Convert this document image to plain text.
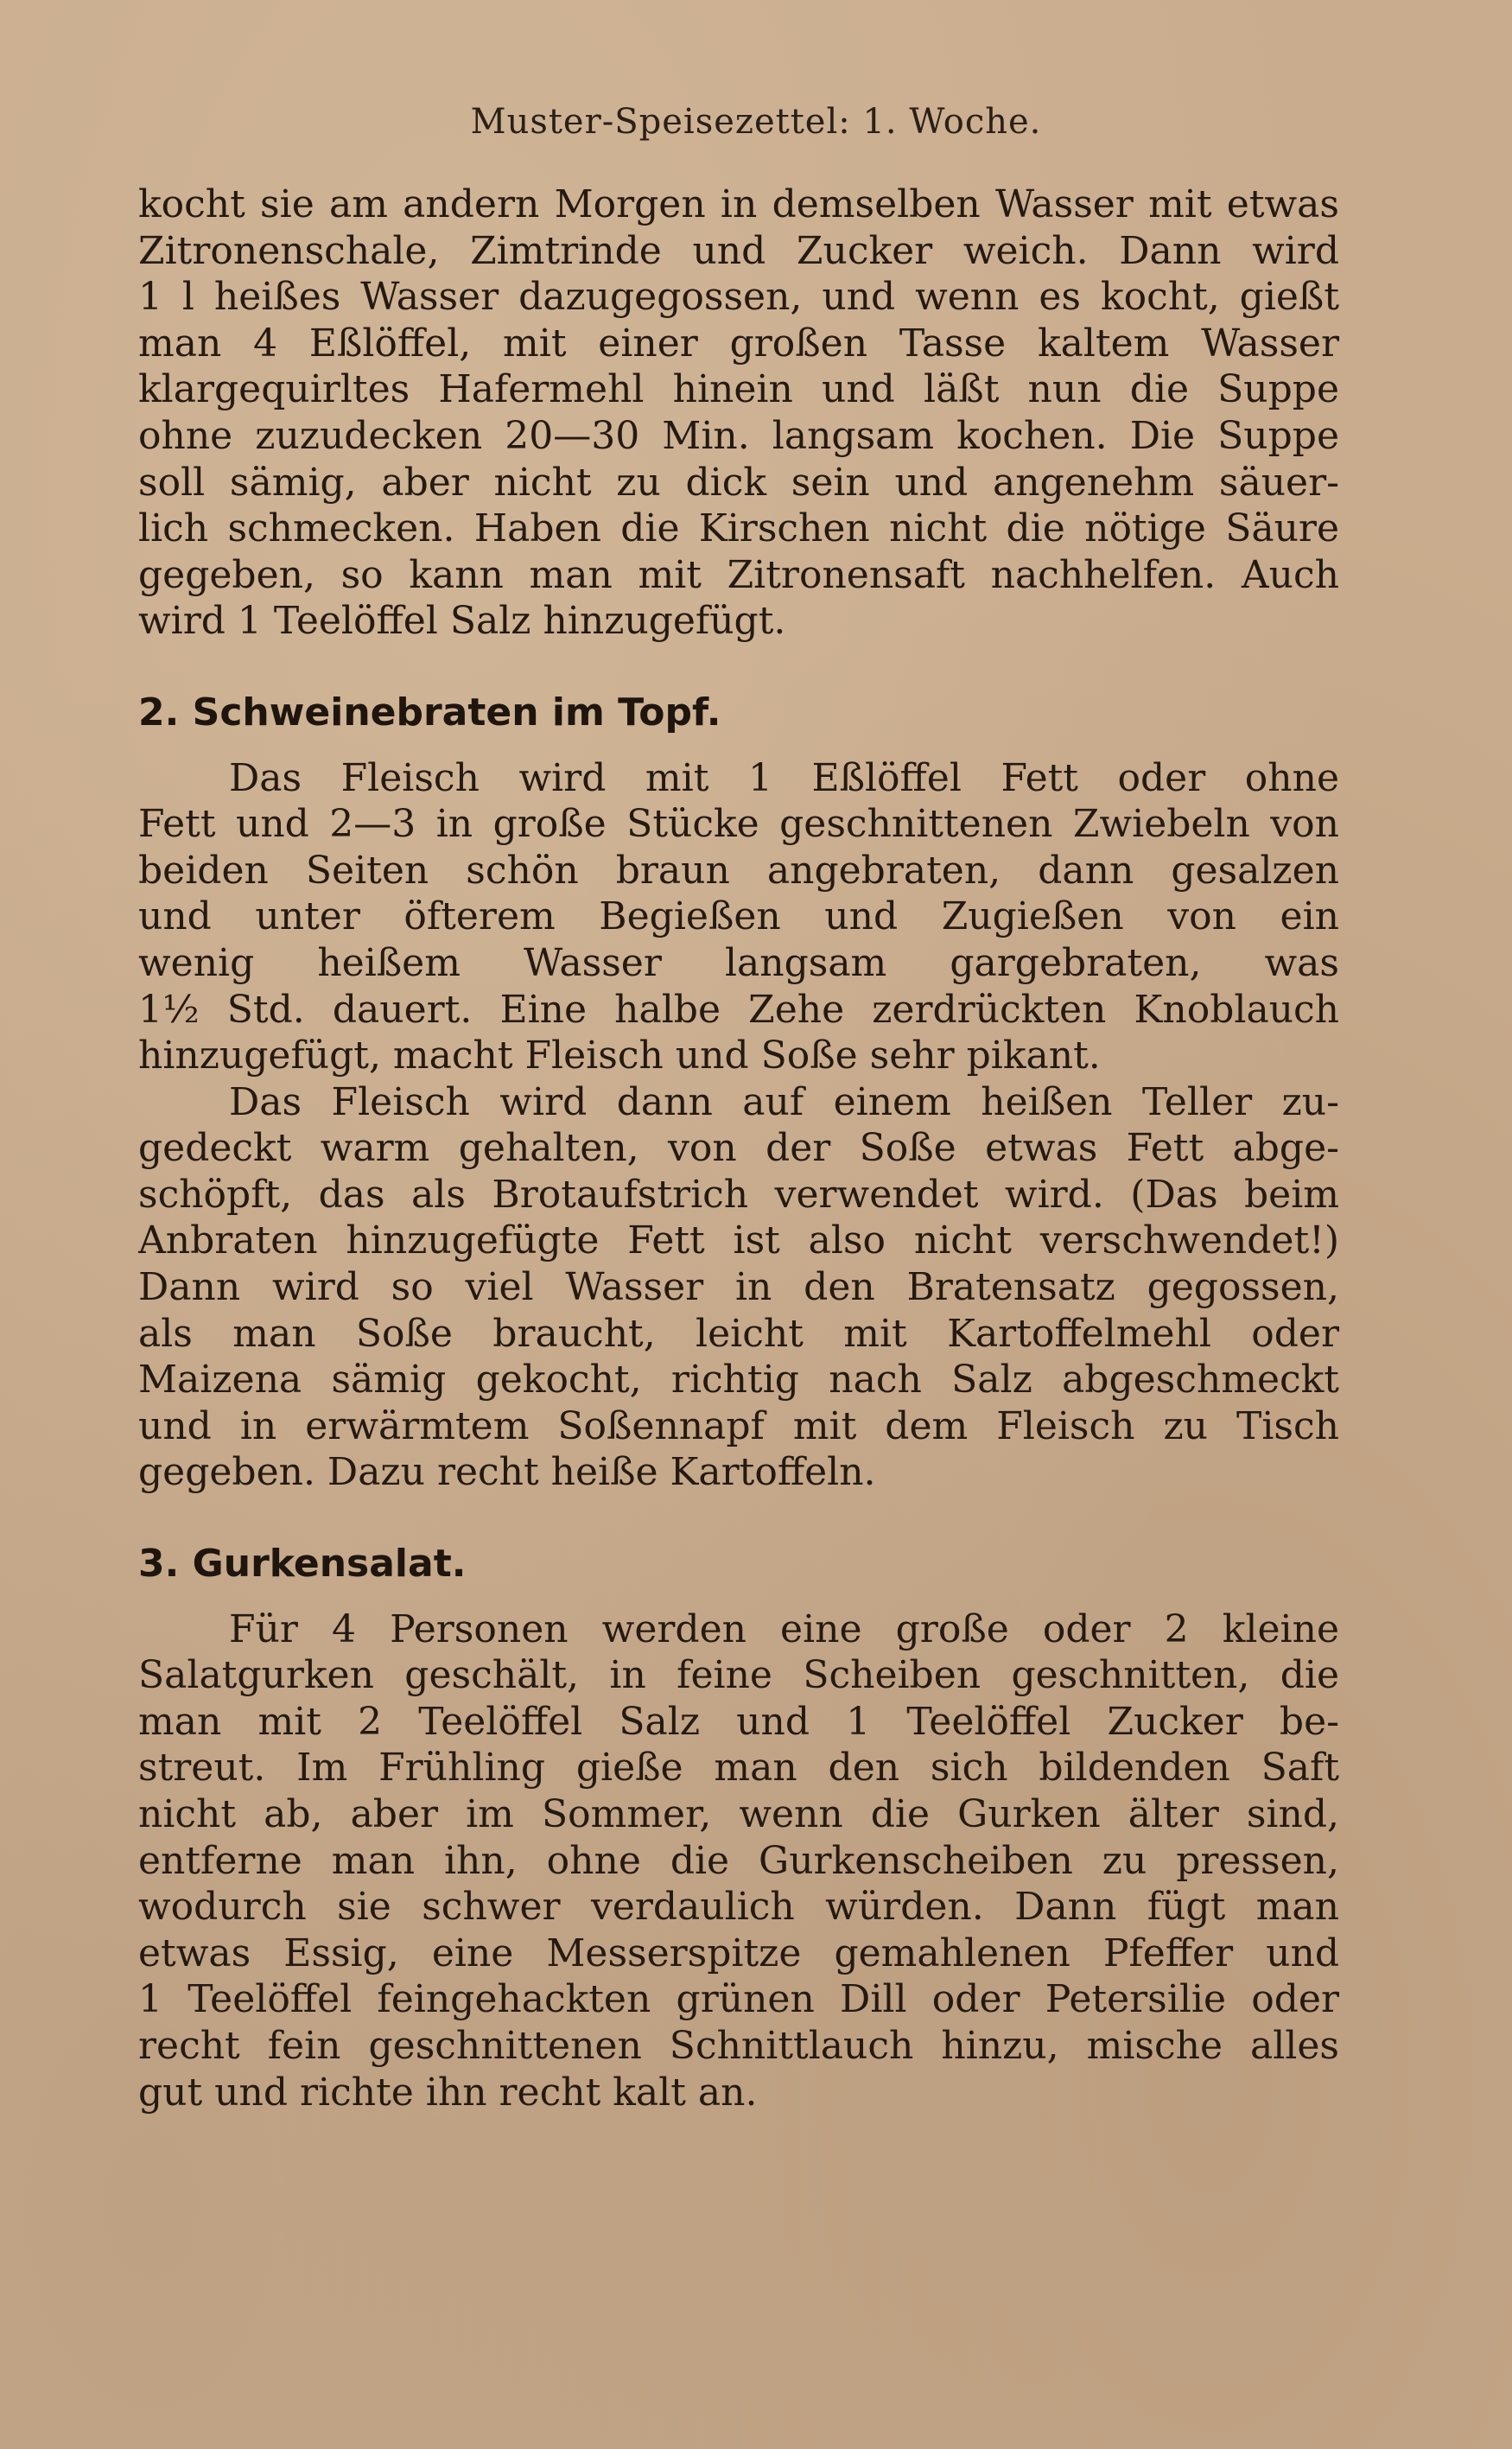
Muster-Speisezettel: 1. Woche.
kocht sie am andern Morgen in demselben Wasser mit etwas
Zitronenschale, Zimtrinde und Zucker weich. Dann wird
1 l heißes Wasser dazugegossen, und wenn es kocht, gießt
man 4 Eßlöffel, mit einer großen Tasse kaltem Wasser
klargequirltes Hafermehl hinein und läßt nun die Suppe
ohne zuzudecken 20—30 Min. langsam kochen. Die Suppe
soll sämig, aber nicht zu dick sein und angenehm säuer-
lich schmecken. Haben die Kirschen nicht die nötige Säure
gegeben, so kann man mit Zitronensaft nachhelfen. Auch
wird 1 Teelöffel Salz hinzugefügt.
2. Schweinebraten im Topf.
Das Fleisch wird mit 1 Eßlöffel Fett oder ohne
Fett und 2—3 in große Stücke geschnittenen Zwiebeln von
beiden Seiten schön braun angebraten, dann gesalzen
und unter öfterem Begießen und Zugießen von ein
wenig heißem Wasser langsam gargebraten, was
1½ Std. dauert. Eine halbe Zehe zerdrückten Knoblauch
hinzugefügt, macht Fleisch und Soße sehr pikant.
Das Fleisch wird dann auf einem heißen Teller zu-
gedeckt warm gehalten, von der Soße etwas Fett abge-
schöpft, das als Brotaufstrich verwendet wird. (Das beim
Anbraten hinzugefügte Fett ist also nicht verschwendet!)
Dann wird so viel Wasser in den Bratensatz gegossen,
als man Soße braucht, leicht mit Kartoffelmehl oder
Maizena sämig gekocht, richtig nach Salz abgeschmeckt
und in erwärmtem Soßennapf mit dem Fleisch zu Tisch
gegeben. Dazu recht heiße Kartoffeln.
3. Gurkensalat.
Für 4 Personen werden eine große oder 2 kleine
Salatgurken geschält, in feine Scheiben geschnitten, die
man mit 2 Teelöffel Salz und 1 Teelöffel Zucker be-
streut. Im Frühling gieße man den sich bildenden Saft
nicht ab, aber im Sommer, wenn die Gurken älter sind,
entferne man ihn, ohne die Gurkenscheiben zu pressen,
wodurch sie schwer verdaulich würden. Dann fügt man
etwas Essig, eine Messerspitze gemahlenen Pfeffer und
1 Teelöffel feingehackten grünen Dill oder Petersilie oder
recht fein geschnittenen Schnittlauch hinzu, mische alles
gut und richte ihn recht kalt an.
